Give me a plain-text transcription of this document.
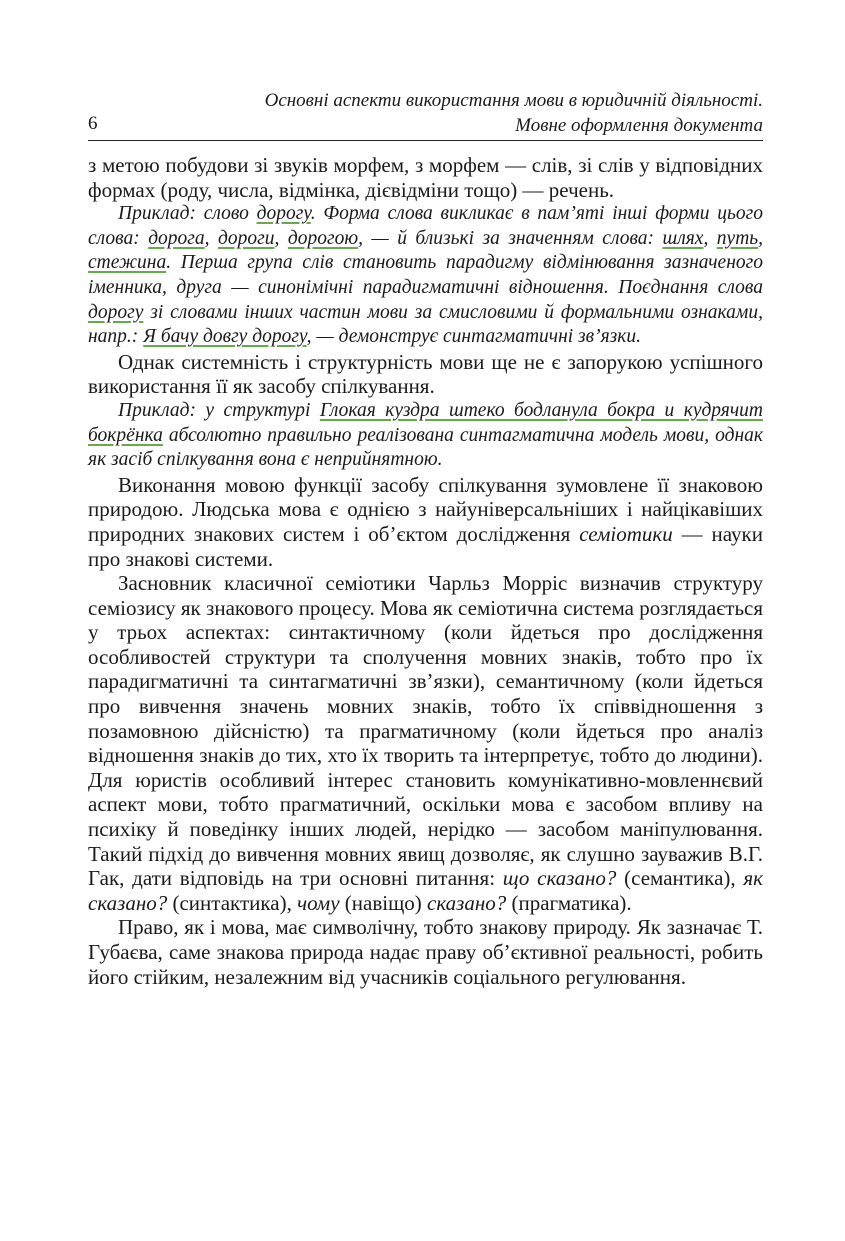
Основні аспекти використання мови в юридичній діяльності.
Мовне оформлення документа
6

з метою побудови зі звуків морфем, з морфем — слів, зі слів у відповідних формах (роду, числа, відмінка, дієвідміни тощо) — речень.

Приклад: слово дорогу. Форма слова викликає в пам’яті інші форми цього слова: дорога, дороги, дорогою, — й близькі за значенням слова: шлях, путь, стежина. Перша група слів становить парадигму відмінювання зазначеного іменника, друга — синонімічні парадигматичні відношення. Поєднання слова дорогу зі словами інших частин мови за смисловими й формальними ознаками, напр.: Я бачу довгу дорогу, — демонструє синтагматичні зв’язки.

Однак системність і структурність мови ще не є запорукою успішного використання її як засобу спілкування.

Приклад: у структурі Глокая куздра штеко бодланула бокра и кудрячит бокрёнка абсолютно правильно реалізована синтагматична модель мови, однак як засіб спілкування вона є неприйнятною.

Виконання мовою функції засобу спілкування зумовлене її знаковою природою. Людська мова є однією з найуніверсальніших і найцікавіших природних знакових систем і об’єктом дослідження семіотики — науки про знакові системи.

Засновник класичної семіотики Чарльз Морріс визначив структуру семіозису як знакового процесу. Мова як семіотична система розглядається у трьох аспектах: синтактичному (коли йдеться про дослідження особливостей структури та сполучення мовних знаків, тобто про їх парадигматичні та синтагматичні зв’язки), семантичному (коли йдеться про вивчення значень мовних знаків, тобто їх співвідношення з позамовною дійсністю) та прагматичному (коли йдеться про аналіз відношення знаків до тих, хто їх творить та інтерпретує, тобто до людини). Для юристів особливий інтерес становить комунікативно-мовленнєвий аспект мови, тобто прагматичний, оскільки мова є засобом впливу на психіку й поведінку інших людей, нерідко — засобом маніпулювання. Такий підхід до вивчення мовних явищ дозволяє, як слушно зауважив В.Г. Гак, дати відповідь на три основні питання: що сказано? (семантика), як сказано? (синтактика), чому (навіщо) сказано? (прагматика).

Право, як і мова, має символічну, тобто знакову природу. Як зазначає Т. Губаєва, саме знакова природа надає праву об’єктивної реальності, робить його стійким, незалежним від учасників соціального регулювання.
